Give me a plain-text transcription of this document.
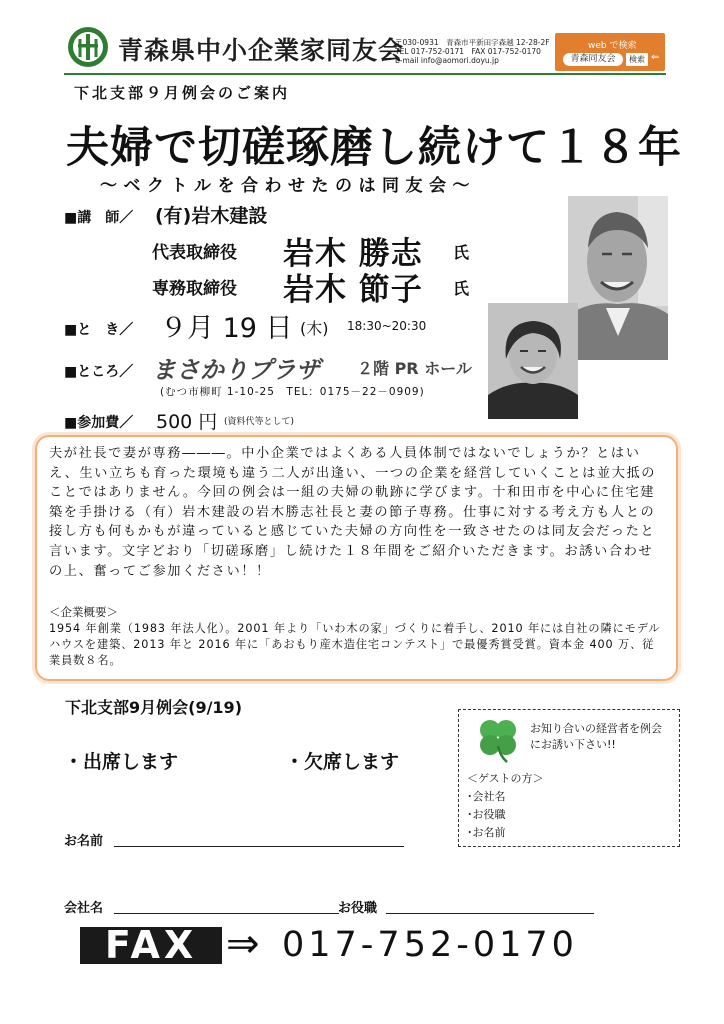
青森県中小企業家同友会
〒030-0931　青森市平新田字森越 12-28-2F
TEL 017-752-0171　FAX 017-752-0170
E-mail info@aomori.doyu.jp
web で検索
青森同友会	検索 ⇐
下北支部９月例会のご案内
夫婦で切磋琢磨し続けて１８年
～ベクトルを合わせたのは同友会～
■講　師／ (有)岩木建設
代表取締役 岩木 勝志 氏
専務取締役 岩木 節子 氏
■と　き／ ９月 19 日 (木) 18:30~20:30
■ところ／ まさかりプラザ ２階 PR ホール
(むつ市柳町 1-10-25　TEL：0175－22－0909)
■参加費／ 500 円 (資料代等として)
夫が社長で妻が専務―――。中小企業ではよくある人員体制ではないでしょうか？とはいえ、生い立ちも育った環境も違う二人が出逢い、一つの企業を経営していくことは並大抵のことではありません。今回の例会は一組の夫婦の軌跡に学びます。十和田市を中心に住宅建築を手掛ける（有）岩木建設の岩木勝志社長と妻の節子専務。仕事に対する考え方も人との接し方も何もかもが違っていると感じていた夫婦の方向性を一致させたのは同友会だったと言います。文字どおり「切磋琢磨」し続けた１８年間をご紹介いただきます。お誘い合わせの上、奮ってご参加ください！！
＜企業概要＞
1954 年創業（1983 年法人化）。2001 年より「いわ木の家」づくりに着手し、2010 年には自社の隣にモデルハウスを建築、2013 年と 2016 年に「あおもり産木造住宅コンテスト」で最優秀賞受賞。資本金 400 万、従業員数８名。
下北支部9月例会(9/19)
・出席します	・欠席します
お知り合いの経営者を例会にお誘い下さい!!
＜ゲストの方＞
･会社名
･お役職
･お名前
お名前
会社名	お役職
FAX ⇒ 017-752-0170
